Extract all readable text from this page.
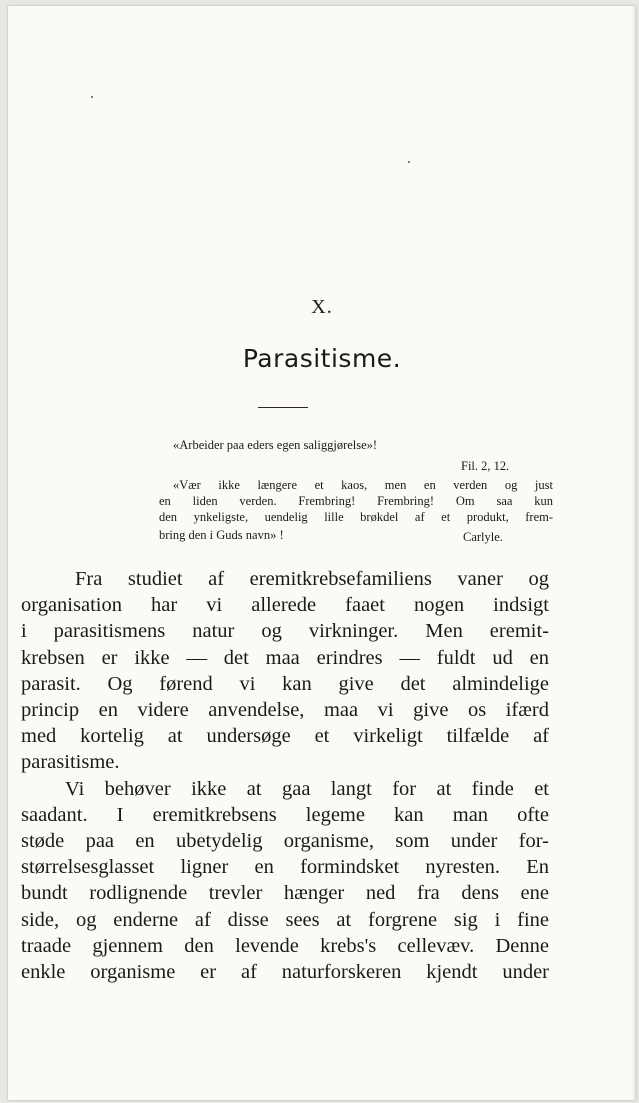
X.
Parasitisme.
«Arbeider paa eders egen saliggjørelse»!
Fil. 2, 12.
«Vær ikke længere et kaos, men en verden og just
en liden verden. Frembring! Frembring! Om saa kun
den ynkeligste, uendelig lille brøkdel af et produkt, frem-
bring den i Guds navn» !	Carlyle.

Fra studiet af eremitkrebsefamiliens vaner og
organisation har vi allerede faaet nogen indsigt
i parasitismens natur og virkninger. Men eremit-
krebsen er ikke — det maa erindres — fuldt ud en
parasit. Og førend vi kan give det almindelige
princip en videre anvendelse, maa vi give os ifærd
med kortelig at undersøge et virkeligt tilfælde af
parasitisme.

Vi behøver ikke at gaa langt for at finde et
saadant. I eremitkrebsens legeme kan man ofte
støde paa en ubetydelig organisme, som under for-
størrelsesglasset ligner en formindsket nyresten. En
bundt rodlignende trevler hænger ned fra dens ene
side, og enderne af disse sees at forgrene sig i fine
traade gjennem den levende krebs's cellevæv. Denne
enkle organisme er af naturforskeren kjendt under
